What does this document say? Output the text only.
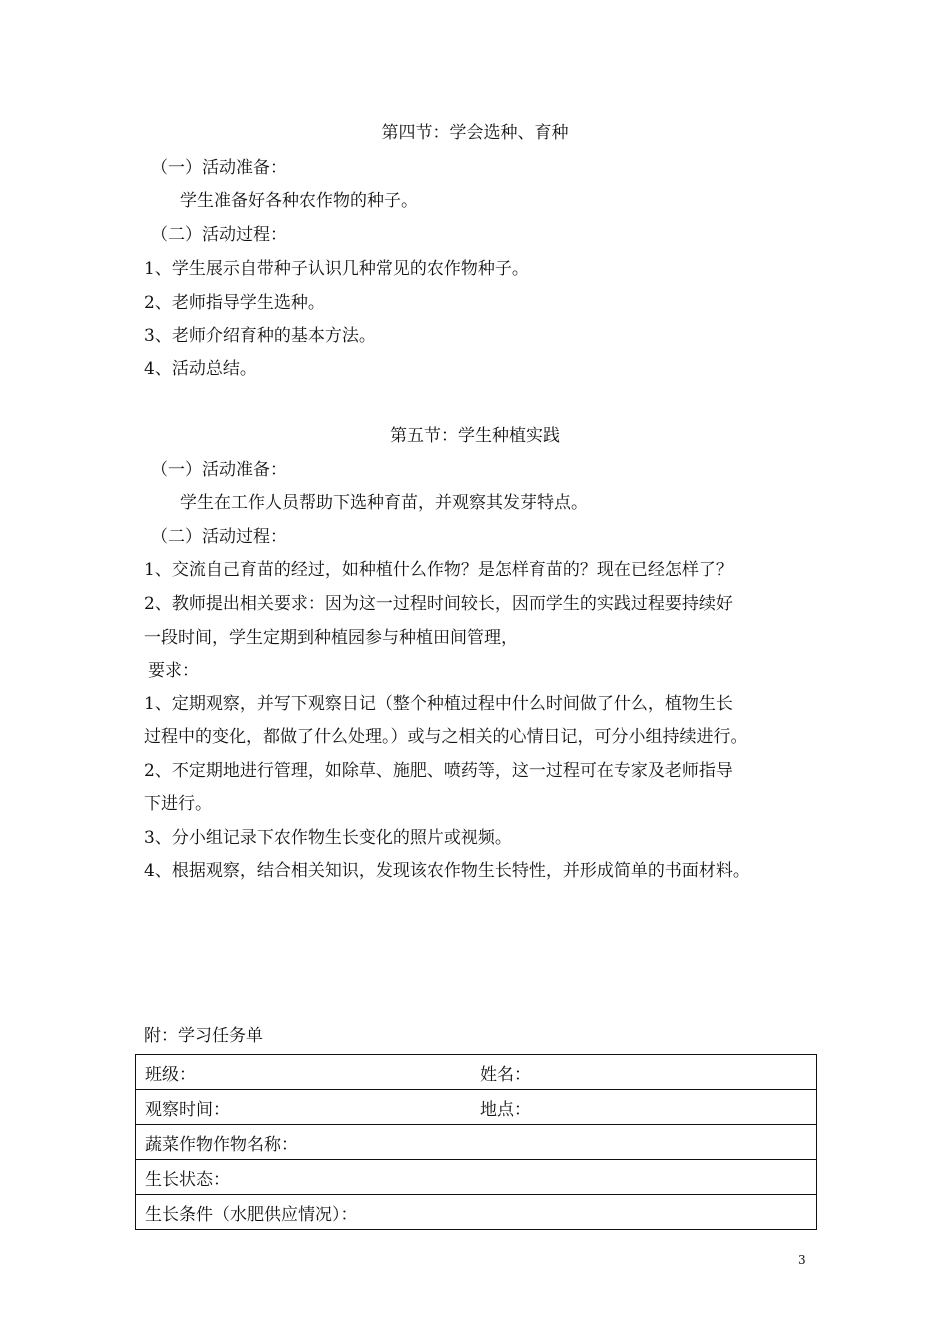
第四节：学会选种、育种
（一）活动准备：
学生准备好各种农作物的种子。
（二）活动过程：
1、学生展示自带种子认识几种常见的农作物种子。
2、老师指导学生选种。
3、老师介绍育种的基本方法。
4、活动总结。
第五节：学生种植实践
（一）活动准备：
学生在工作人员帮助下选种育苗，并观察其发芽特点。
（二）活动过程：
1、交流自己育苗的经过，如种植什么作物？是怎样育苗的？现在已经怎样了？
2、教师提出相关要求：因为这一过程时间较长，因而学生的实践过程要持续好
一段时间，学生定期到种植园参与种植田间管理，
要求：
1、定期观察，并写下观察日记（整个种植过程中什么时间做了什么，植物生长
过程中的变化，都做了什么处理。）或与之相关的心情日记，可分小组持续进行。
2、不定期地进行管理，如除草、施肥、喷药等，这一过程可在专家及老师指导
下进行。
3、分小组记录下农作物生长变化的照片或视频。
4、根据观察，结合相关知识，发现该农作物生长特性，并形成简单的书面材料。
附：学习任务单
班级：	姓名：
观察时间：	地点：
蔬菜作物作物名称：	
生长状态：	
生长条件（水肥供应情况）：	
3
